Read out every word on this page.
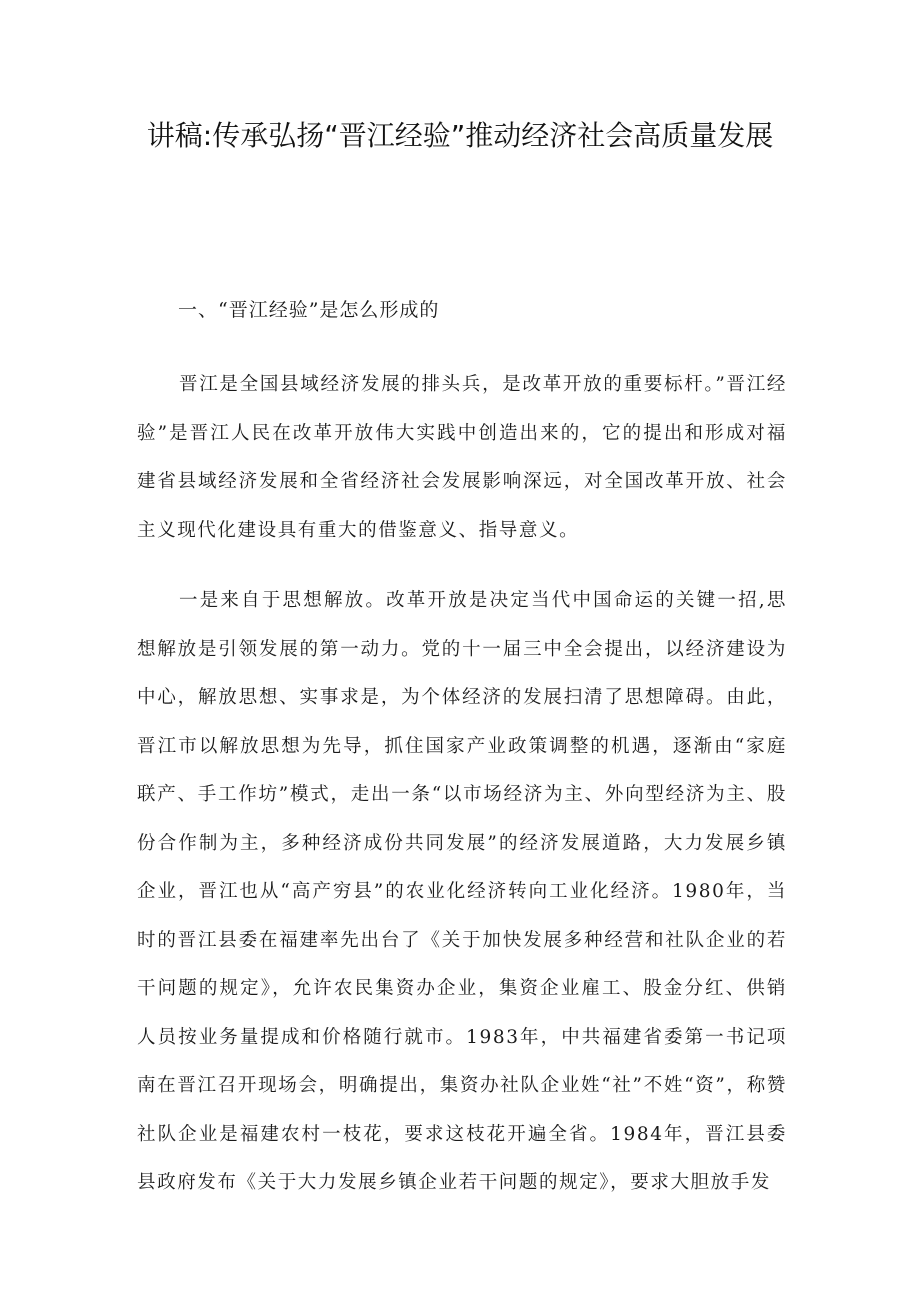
讲稿:传承弘扬“晋江经验”推动经济社会高质量发展

一、“晋江经验”是怎么形成的

晋江是全国县域经济发展的排头兵，是改革开放的重要标杆。”晋江经验”是晋江人民在改革开放伟大实践中创造出来的，它的提出和形成对福建省县域经济发展和全省经济社会发展影响深远，对全国改革开放、社会主义现代化建设具有重大的借鉴意义、指导意义。

一是来自于思想解放。改革开放是决定当代中国命运的关键一招,思想解放是引领发展的第一动力。党的十一届三中全会提出，以经济建设为中心，解放思想、实事求是，为个体经济的发展扫清了思想障碍。由此，晋江市以解放思想为先导，抓住国家产业政策调整的机遇，逐渐由“家庭联产、手工作坊”模式，走出一条“以市场经济为主、外向型经济为主、股份合作制为主，多种经济成份共同发展”的经济发展道路，大力发展乡镇企业，晋江也从“高产穷县”的农业化经济转向工业化经济。1980年，当时的晋江县委在福建率先出台了《关于加快发展多种经营和社队企业的若干问题的规定》，允许农民集资办企业，集资企业雇工、股金分红、供销人员按业务量提成和价格随行就市。1983年，中共福建省委第一书记项南在晋江召开现场会，明确提出，集资办社队企业姓“社”不姓“资”，称赞社队企业是福建农村一枝花，要求这枝花开遍全省。1984年，晋江县委县政府发布《关于大力发展乡镇企业若干问题的规定》，要求大胆放手发
